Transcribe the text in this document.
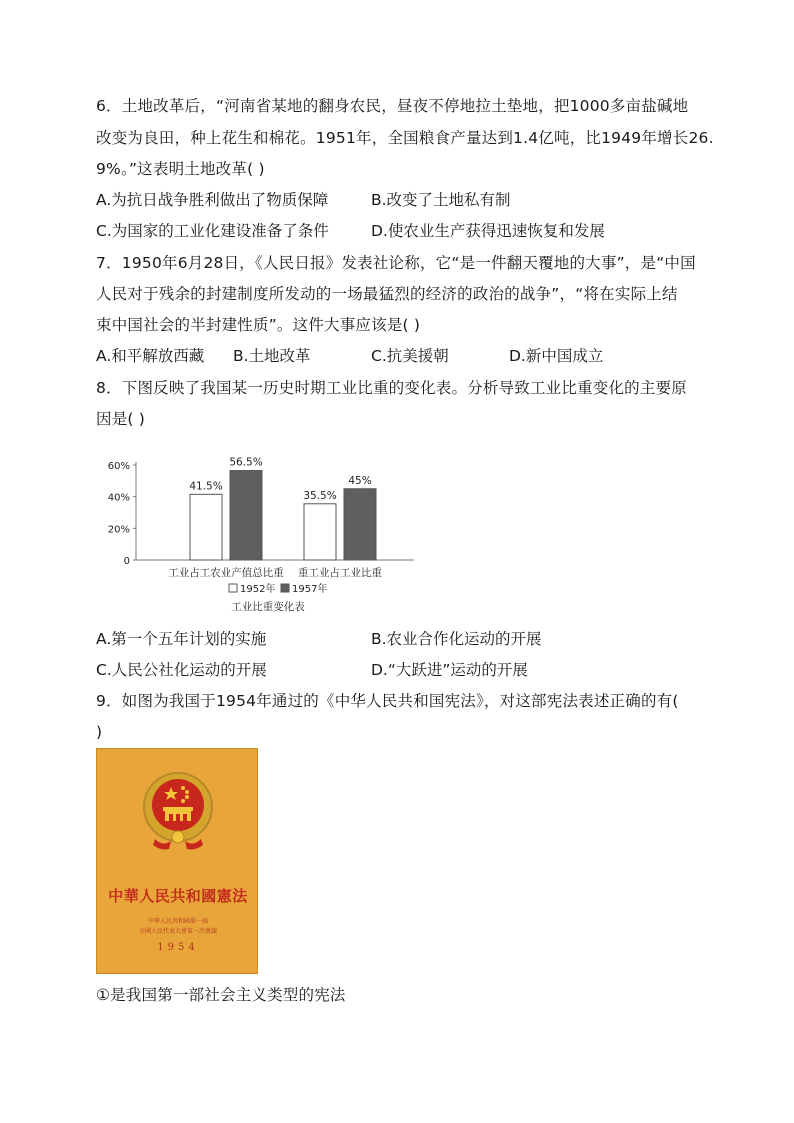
6．土地改革后，“河南省某地的翻身农民，昼夜不停地拉土垫地，把1000多亩盐碱地
改变为良田，种上花生和棉花。1951年，全国粮食产量达到1.4亿吨，比1949年增长26.
9%。”这表明土地改革( )
A.为抗日战争胜利做出了物质保障	B.改变了土地私有制
C.为国家的工业化建设准备了条件	D.使农业生产获得迅速恢复和发展
7．1950年6月28日，《人民日报》发表社论称，它“是一件翻天覆地的大事”，是“中国
人民对于残余的封建制度所发动的一场最猛烈的经济的政治的战争”，“将在实际上结
束中国社会的半封建性质”。这件大事应该是( )
A.和平解放西藏 B.土地改革	C.抗美援朝	D.新中国成立
8．下图反映了我国某一历史时期工业比重的变化表。分析导致工业比重变化的主要原
因是( )
60%
40%
20%
0
41.5%
56.5%
工业占工农业产值总比重
35.5%
45%
重工业占工业比重
1952年 1957年
工业比重变化表
A.第一个五年计划的实施	B.农业合作化运动的开展
C.人民公社化运动的开展	D.“大跃进”运动的开展
9．如图为我国于1954年通过的《中华人民共和国宪法》，对这部宪法表述正确的有(
)
中華人民共和國憲法
中華人民共和國第一屆
全國人民代表大會第一次會議
1954
①是我国第一部社会主义类型的宪法
